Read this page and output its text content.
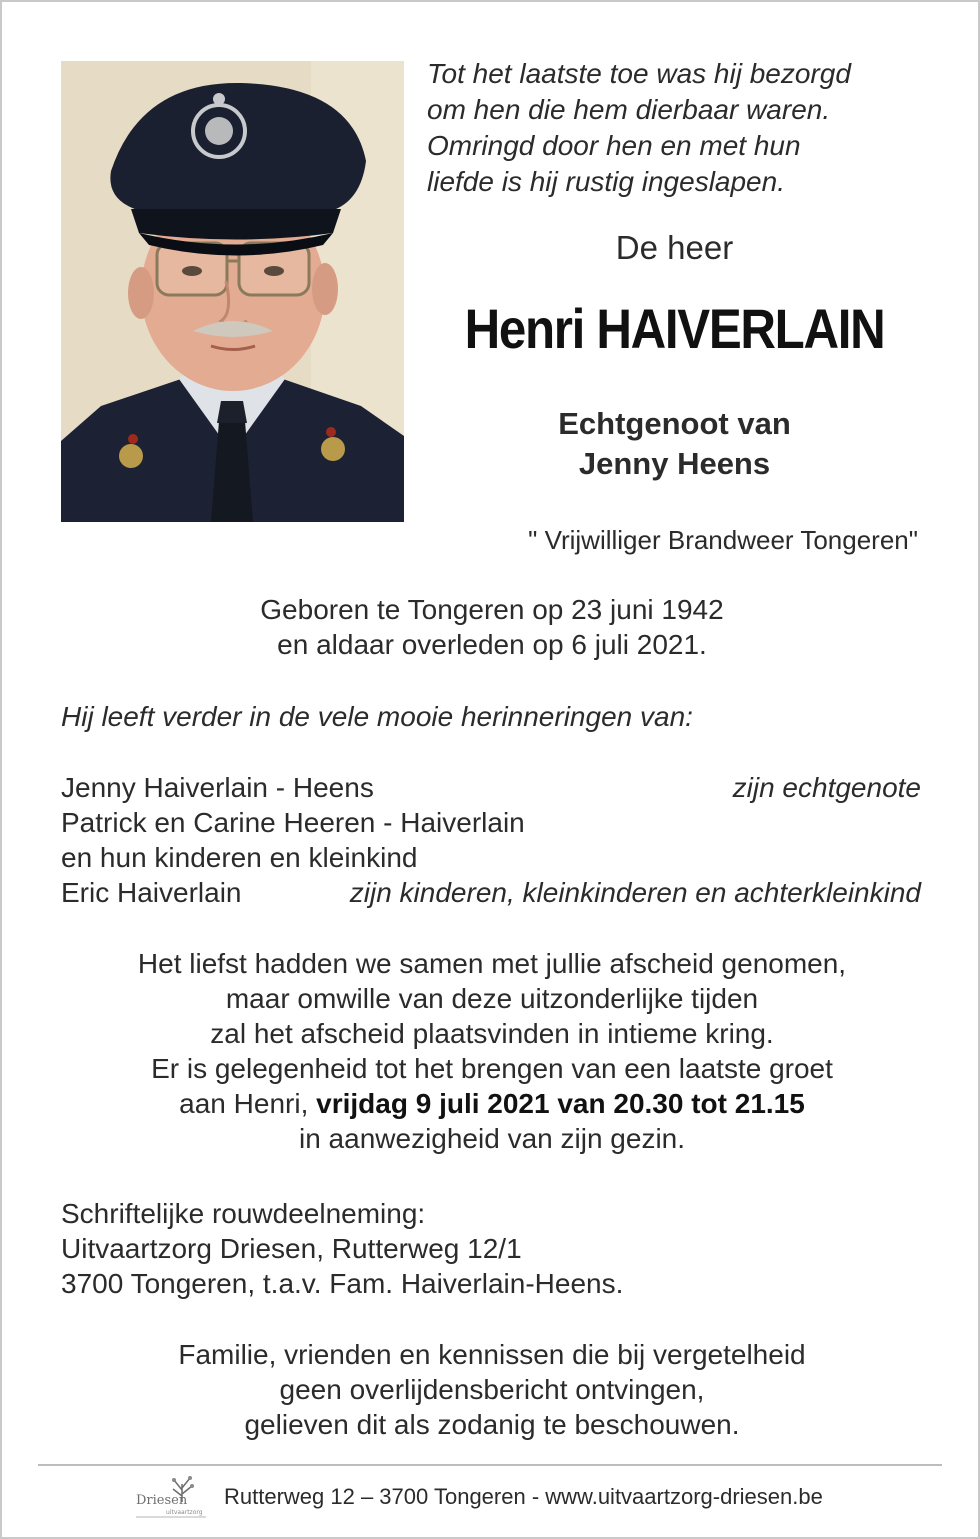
Tot het laatste toe was hij bezorgd
om hen die hem dierbaar waren.
Omringd door hen en met hun
liefde is hij rustig ingeslapen.
De heer
Henri HAIVERLAIN
Echtgenoot van
Jenny Heens
" Vrijwilliger Brandweer Tongeren"
Geboren te Tongeren op 23 juni 1942
en aldaar overleden op 6 juli 2021.
Hij leeft verder in de vele mooie herinneringen van:
Jenny Haiverlain - Heens	zijn echtgenote
Patrick en Carine Heeren - Haiverlain
en hun kinderen en kleinkind
Eric Haiverlain	zijn kinderen, kleinkinderen en achterkleinkind
Het liefst hadden we samen met jullie afscheid genomen,
maar omwille van deze uitzonderlijke tijden
zal het afscheid plaatsvinden in intieme kring.
Er is gelegenheid tot het brengen van een laatste groet
aan Henri, vrijdag 9 juli 2021 van 20.30 tot 21.15
in aanwezigheid van zijn gezin.
Schriftelijke rouwdeelneming:
Uitvaartzorg Driesen, Rutterweg 12/1
3700 Tongeren, t.a.v. Fam. Haiverlain-Heens.
Familie, vrienden en kennissen die bij vergetelheid
geen overlijdensbericht ontvingen,
gelieven dit als zodanig te beschouwen.
Driesen
uitvaartzorg
Rutterweg 12 – 3700 Tongeren - www.uitvaartzorg-driesen.be
